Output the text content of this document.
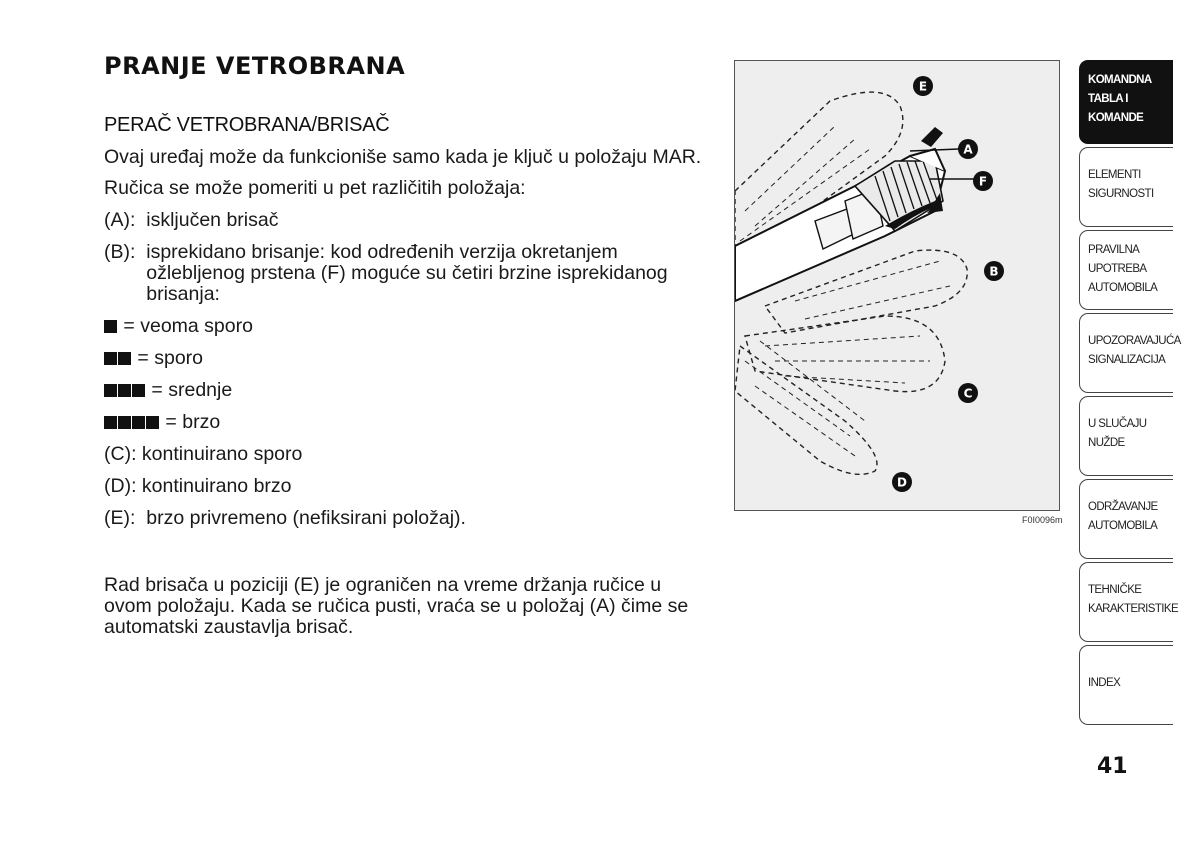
PRANJE VETROBRANA
PERAČ VETROBRANA/BRISAČ

Ovaj uređaj može da funkcioniše samo kada je ključ u položaju MAR.

Ručica se može pomeriti u pet različitih položaja:

(A): isključen brisač
(B): isprekidano brisanje: kod određenih verzija okretanjem ožlebljenog prstena (F) moguće su četiri brzine isprekidanog brisanja:
= veoma sporo
= sporo
= srednje
= brzo
(C): kontinuirano sporo
(D): kontinuirano brzo
(E): brzo privremeno (nefiksirani položaj).

Rad brisača u poziciji (E) je ograničen na vreme držanja ručice u ovom položaju. Kada se ručica pusti, vraća se u položaj (A) čime se automatski zaustavlja brisač.

E
A
F
B
C
D
F0I0096m
KOMANDNA
TABLA I
KOMANDE
ELEMENTI
SIGURNOSTI
PRAVILNA
UPOTREBA
AUTOMOBILA
UPOZORAVAJUĆA
SIGNALIZACIJA
U SLUČAJU
NUŽDE
ODRŽAVANJE
AUTOMOBILA
TEHNIČKE
KARAKTERISTIKE
INDEX

41
